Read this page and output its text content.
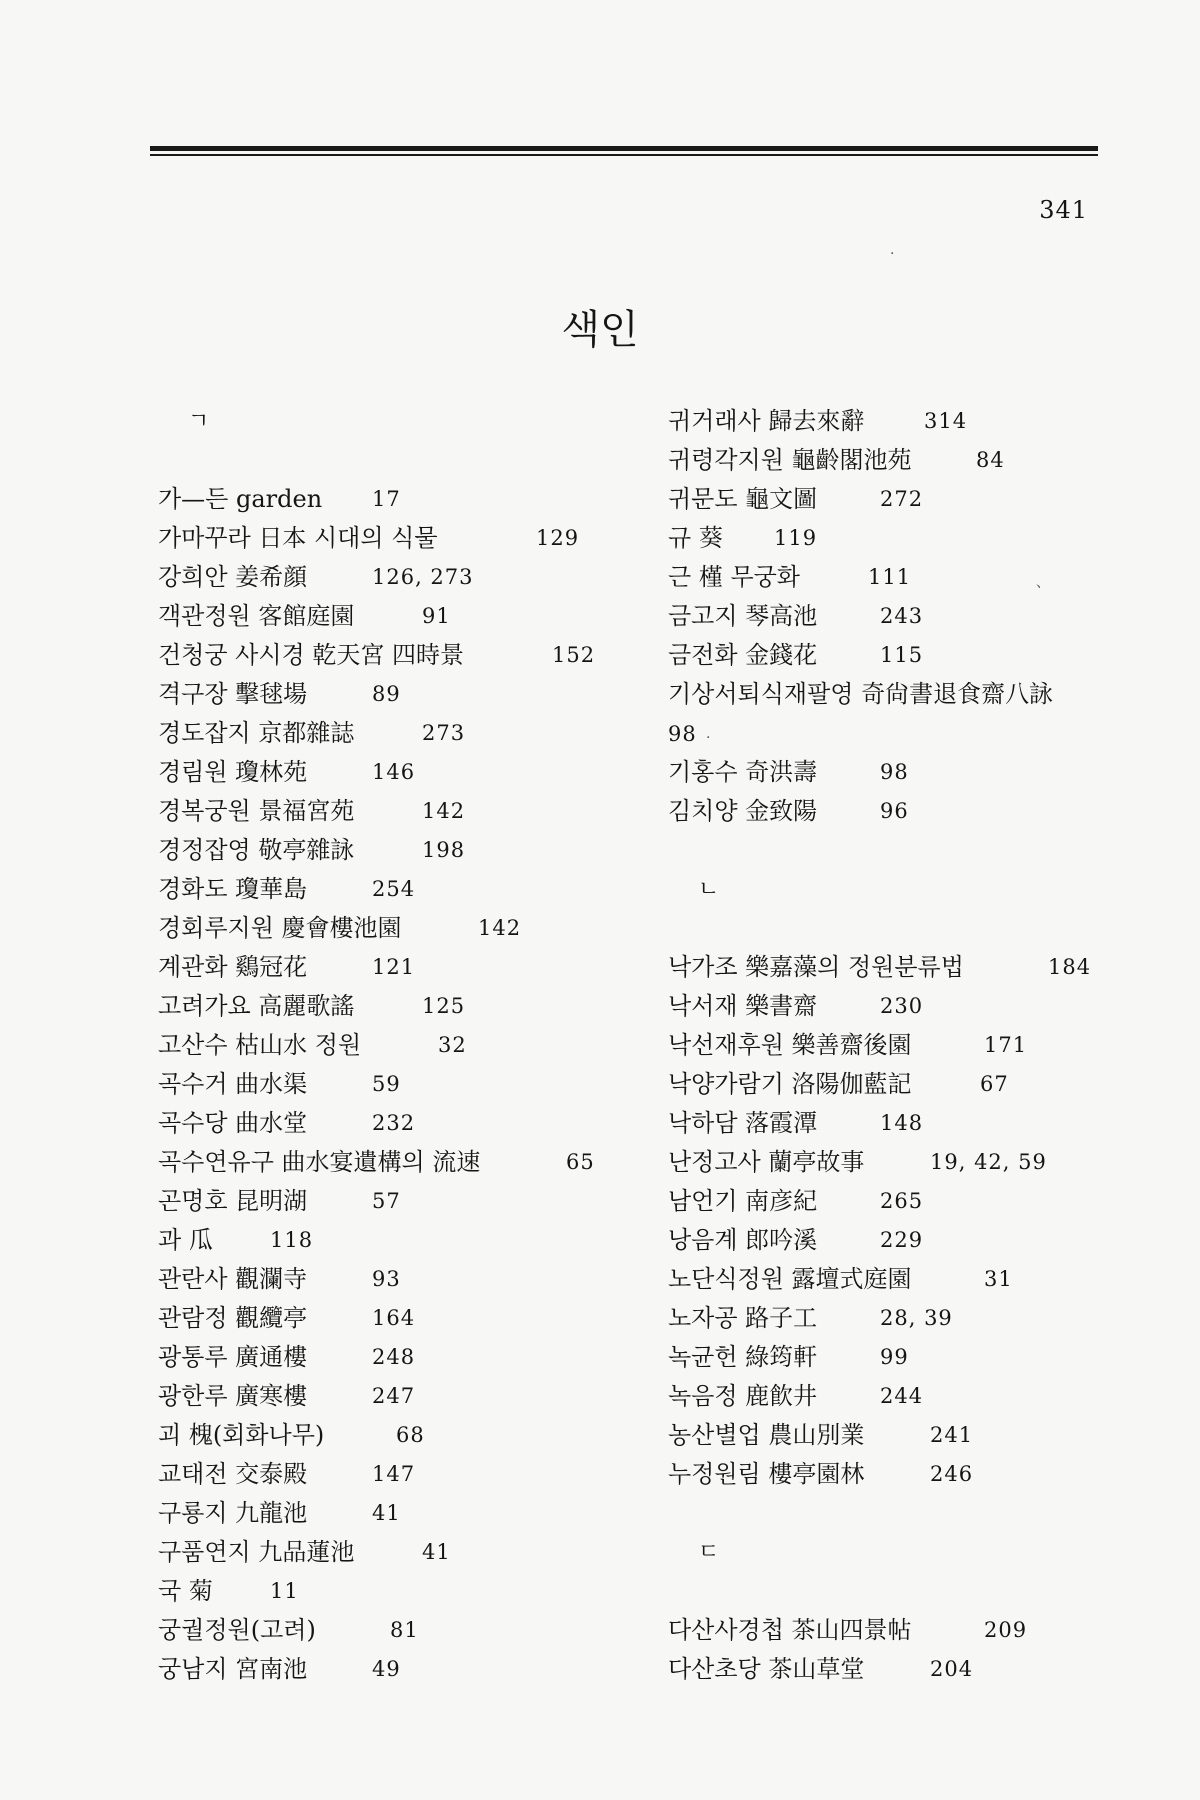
341
색인
·
、
.
ㄱ
가—든 garden 17
가마꾸라 日本 시대의 식물	129
강희안 姜希顔	126, 273
객관정원 客館庭園	91
건청궁 사시경 乾天宮 四時景	152
격구장 擊毬場	89
경도잡지 京都雜誌	273
경림원 瓊林苑	146
경복궁원 景福宮苑	142
경정잡영 敬亭雜詠	198
경화도 瓊華島	254
경회루지원 慶會樓池園	142
계관화 鷄冠花	121
고려가요 高麗歌謠	125
고산수 枯山水 정원	32
곡수거 曲水渠	59
곡수당 曲水堂	232
곡수연유구 曲水宴遺構의 流速	65
곤명호 昆明湖	57
과 瓜	118
관란사 觀瀾寺	93
관람정 觀纜亭	164
광통루 廣通樓	248
광한루 廣寒樓	247
괴 槐(회화나무)	68
교태전 交泰殿	147
구룡지 九龍池	41
구품연지 九品蓮池	41
국 菊	11
궁궐정원(고려)	81
궁남지 宮南池	49
귀거래사 歸去來辭	314
귀령각지원 龜齡閣池苑	84
귀문도 龜文圖	272
규 葵 119
근 槿 무궁화	111
금고지 琴高池	243
금전화 金錢花	115
기상서퇴식재팔영 奇尙書退食齋八詠
98
기홍수 奇洪壽	98
김치양 金致陽	96
ㄴ
낙가조 樂嘉藻의 정원분류법	184
낙서재 樂書齋	230
낙선재후원 樂善齋後園	171
낙양가람기 洛陽伽藍記	67
낙하담 落霞潭	148
난정고사 蘭亭故事	19, 42, 59
남언기 南彦紀	265
낭음계 郎吟溪	229
노단식정원 露壇式庭園	31
노자공 路子工	28, 39
녹균헌 綠筠軒	99
녹음정 鹿飮井	244
농산별업 農山別業	241
누정원림 樓亭園林	246
ㄷ
다산사경첩 茶山四景帖	209
다산초당 茶山草堂	204
